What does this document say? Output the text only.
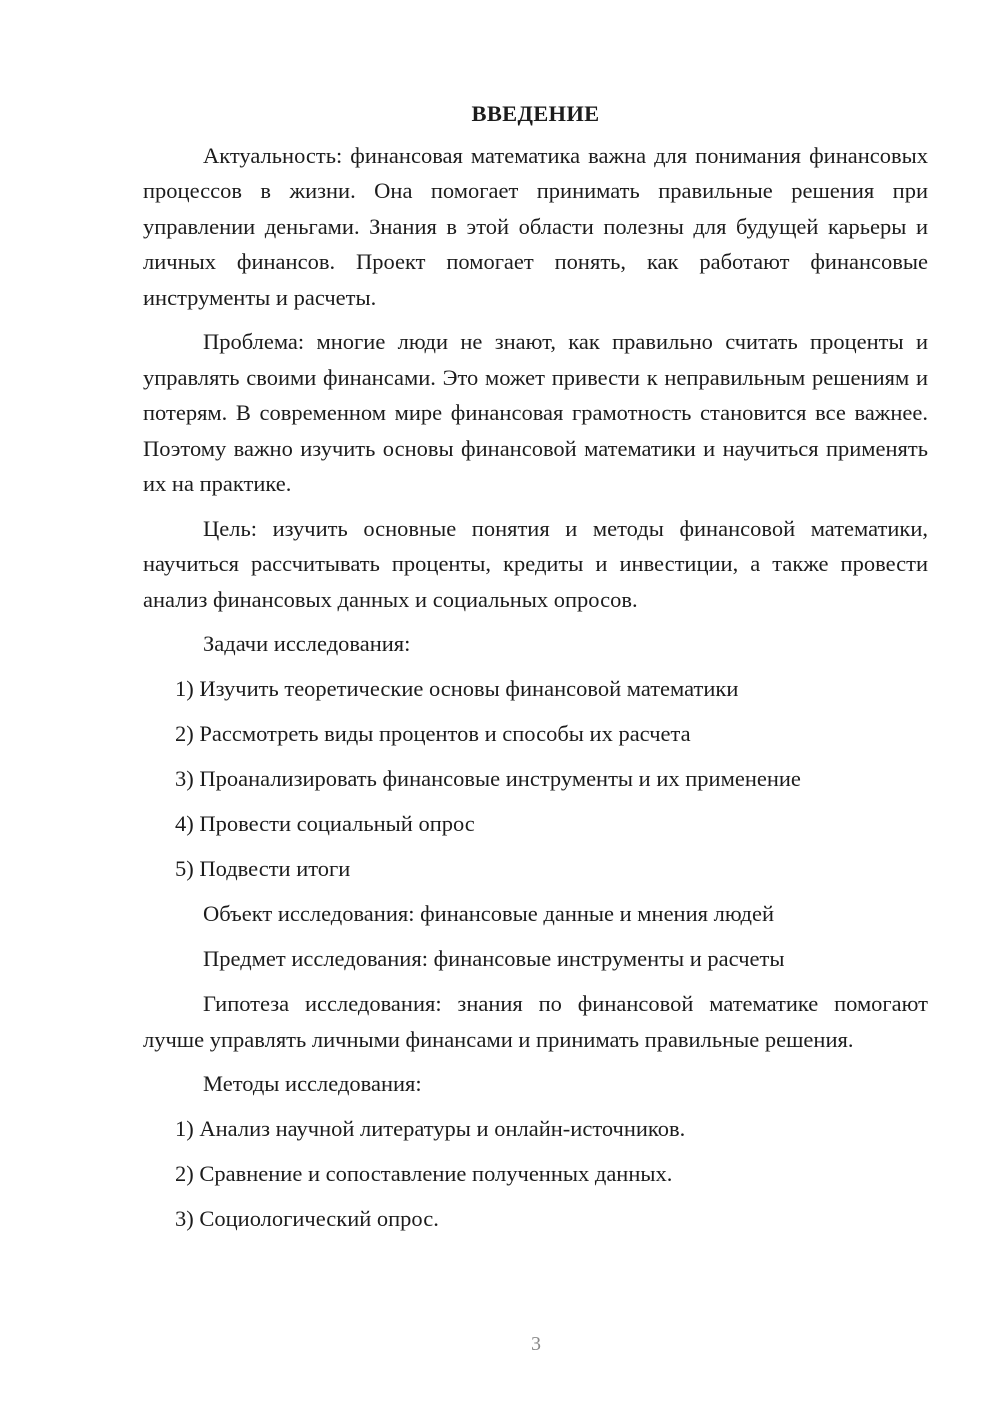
ВВЕДЕНИЕ

Актуальность: финансовая математика важна для понимания финансовых процессов в жизни. Она помогает принимать правильные решения при управлении деньгами. Знания в этой области полезны для будущей карьеры и личных финансов. Проект помогает понять, как работают финансовые инструменты и расчеты.

Проблема: многие люди не знают, как правильно считать проценты и управлять своими финансами. Это может привести к неправильным решениям и потерям. В современном мире финансовая грамотность становится все важнее. Поэтому важно изучить основы финансовой математики и научиться применять их на практике.

Цель: изучить основные понятия и методы финансовой математики, научиться рассчитывать проценты, кредиты и инвестиции, а также провести анализ финансовых данных и социальных опросов.

Задачи исследования:

1) Изучить теоретические основы финансовой математики

2) Рассмотреть виды процентов и способы их расчета

3) Проанализировать финансовые инструменты и их применение

4) Провести социальный опрос

5) Подвести итоги

Объект исследования: финансовые данные и мнения людей

Предмет исследования: финансовые инструменты и расчеты

Гипотеза исследования: знания по финансовой математике помогают лучше управлять личными финансами и принимать правильные решения.

Методы исследования:

1) Анализ научной литературы и онлайн-источников.

2) Сравнение и сопоставление полученных данных.

3) Социологический опрос.

3
